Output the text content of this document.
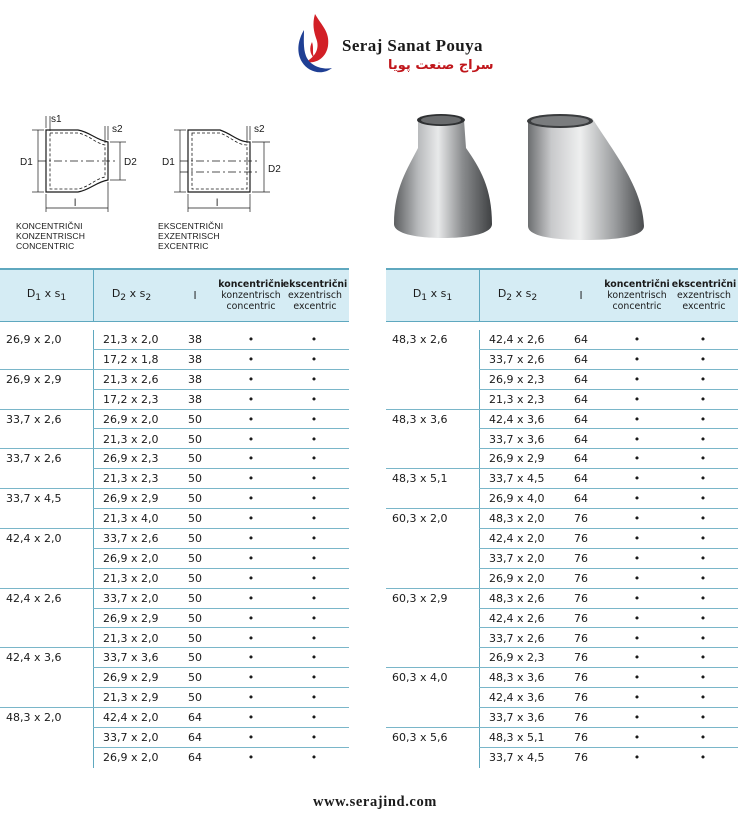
Seraj Sanat Pouya
سراج صنعت پویا
s1
s2
D1	D2
l
KONCENTRIČNI
KONZENTRISCH
CONCENTRIC
s2
D1
D2
l
EKSCENTRIČNI
EXZENTRISCH
EXCENTRIC
$D_1$ x $s_1$	$D_2$ x $s_2$	l
koncentrični
konzentrisch
concentric
ekscentrični
exzentrisch
excentric
26,9 x 2,0	21,3 x 2,0	38	•	•
17,2 x 1,8	38	•	•
26,9 x 2,9	21,3 x 2,6	38	•	•
17,2 x 2,3	38	•	•
33,7 x 2,6	26,9 x 2,0	50	•	•
21,3 x 2,0	50	•	•
33,7 x 2,6	26,9 x 2,3	50	•	•
21,3 x 2,3	50	•	•
33,7 x 4,5	26,9 x 2,9	50	•	•
21,3 x 4,0	50	•	•
42,4 x 2,0	33,7 x 2,6	50	•	•
26,9 x 2,0	50	•	•
21,3 x 2,0	50	•	•
42,4 x 2,6	33,7 x 2,0	50	•	•
26,9 x 2,9	50	•	•
21,3 x 2,0	50	•	•
42,4 x 3,6	33,7 x 3,6	50	•	•
26,9 x 2,9	50	•	•
21,3 x 2,9	50	•	•
48,3 x 2,0	42,4 x 2,0	64	•	•
33,7 x 2,0	64	•	•
26,9 x 2,0	64	•	•
$D_1$ x $s_1$	$D_2$ x $s_2$	l
koncentrični
konzentrisch
concentric
ekscentrični
exzentrisch
excentric
48,3 x 2,6	42,4 x 2,6	64	•	•
33,7 x 2,6	64	•	•
26,9 x 2,3	64	•	•
21,3 x 2,3	64	•	•
48,3 x 3,6	42,4 x 3,6	64	•	•
33,7 x 3,6	64	•	•
26,9 x 2,9	64	•	•
48,3 x 5,1	33,7 x 4,5	64	•	•
26,9 x 4,0	64	•	•
60,3 x 2,0	48,3 x 2,0	76	•	•
42,4 x 2,0	76	•	•
33,7 x 2,0	76	•	•
26,9 x 2,0	76	•	•
60,3 x 2,9	48,3 x 2,6	76	•	•
42,4 x 2,6	76	•	•
33,7 x 2,6	76	•	•
26,9 x 2,3	76	•	•
60,3 x 4,0	48,3 x 3,6	76	•	•
42,4 x 3,6	76	•	•
33,7 x 3,6	76	•	•
60,3 x 5,6	48,3 x 5,1	76	•	•
33,7 x 4,5	76	•	•
www.serajind.com
